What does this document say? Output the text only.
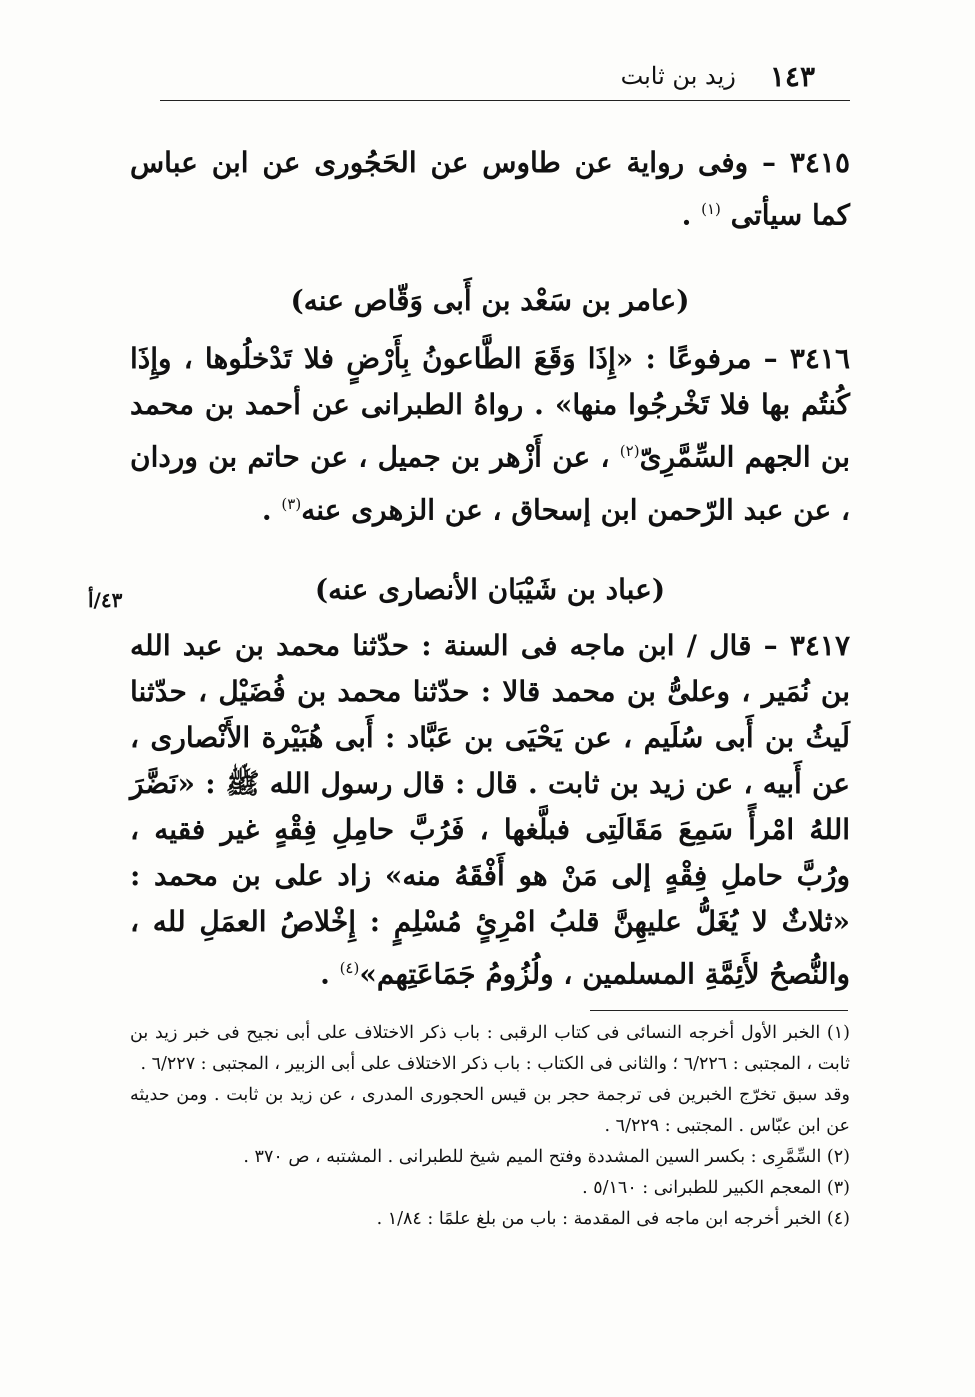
١٤٣
زيد بن ثابت
٤٣/أ

٣٤١٥ – وفى رواية عن طاوس عن الحَجُورى عن ابن عباس كما سيأتى $^{(١)}$ .

(عامر بن سَعْد بن أَبى وَقّاص عنه)

٣٤١٦ – مرفوعًا : «إِذَا وَقَعَ الطَّاعونُ بِأَرْضٍ فلا تَدْخلُوها ، وإِذَا كُنتُم بها فلا تَخْرجُوا منها» . رواهُ الطبرانى عن أحمد بن محمد بن الجهم السِّمَّرِىّ$^{(٢)}$ ، عن أَزْهر بن جميل ، عن حاتم بن وردان ، عن عبد الرّحمن ابن إسحاق ، عن الزهرى عنه$^{(٣)}$ .

(عباد بن شَيْبَان الأنصارى عنه)

٣٤١٧ – قال / ابن ماجه فى السنة : حدّثنا محمد بن عبد الله بن نُمَير ، وعلىُّ بن محمد قالا : حدّثنا محمد بن فُضَيْل ، حدّثنا لَيثُ بن أَبى سُلَيم ، عن يَحْيَى بن عَبَّاد : أَبى هُبَيْرة الأَنْصارى ، عن أَبيه ، عن زيد بن ثابت . قال : قال رسول الله ﷺ : «نَضَّرَ اللهُ امْرأً سَمِعَ مَقَالَتِى فبلَّغها ، فَرُبَّ حامِلِ فِقْهٍ غير فقيه ، ورُبَّ حاملِ فِقْهٍ إلى مَنْ هو أَفْقَهُ منه» زاد على بن محمد : «ثلاثٌ لا يُغَلُّ عليهِنَّ قلبُ امْرِئٍ مُسْلِمٍ : إِخْلاصُ العمَلِ لله ، والنُّصحُ لأَئِمَّةِ المسلمين ، ولُزُومُ جَمَاعَتِهم»$^{(٤)}$ .

(١) الخبر الأول أخرجه النسائى فى كتاب الرقبى : باب ذكر الاختلاف على أبى نجيح فى خبر زيد بن ثابت ، المجتبى : ٦/٢٢٦ ؛ والثانى فى الكتاب : باب ذكر الاختلاف على أبى الزبير ، المجتبى : ٦/٢٢٧ .

وقد سبق تخرّج الخبرين فى ترجمة حجر بن قيس الحجورى المدرى ، عن زيد بن ثابت . ومن حديثه عن ابن عبّاس . المجتبى : ٦/٢٢٩ .

(٢) السِّمَّرِى : بكسر السين المشددة وفتح الميم شيخ للطبرانى . المشتبه ، ص ٣٧٠ .

(٣) المعجم الكبير للطبرانى : ٥/١٦٠ .

(٤) الخبر أخرجه ابن ماجه فى المقدمة : باب من بلغ علمًا : ١/٨٤ .
